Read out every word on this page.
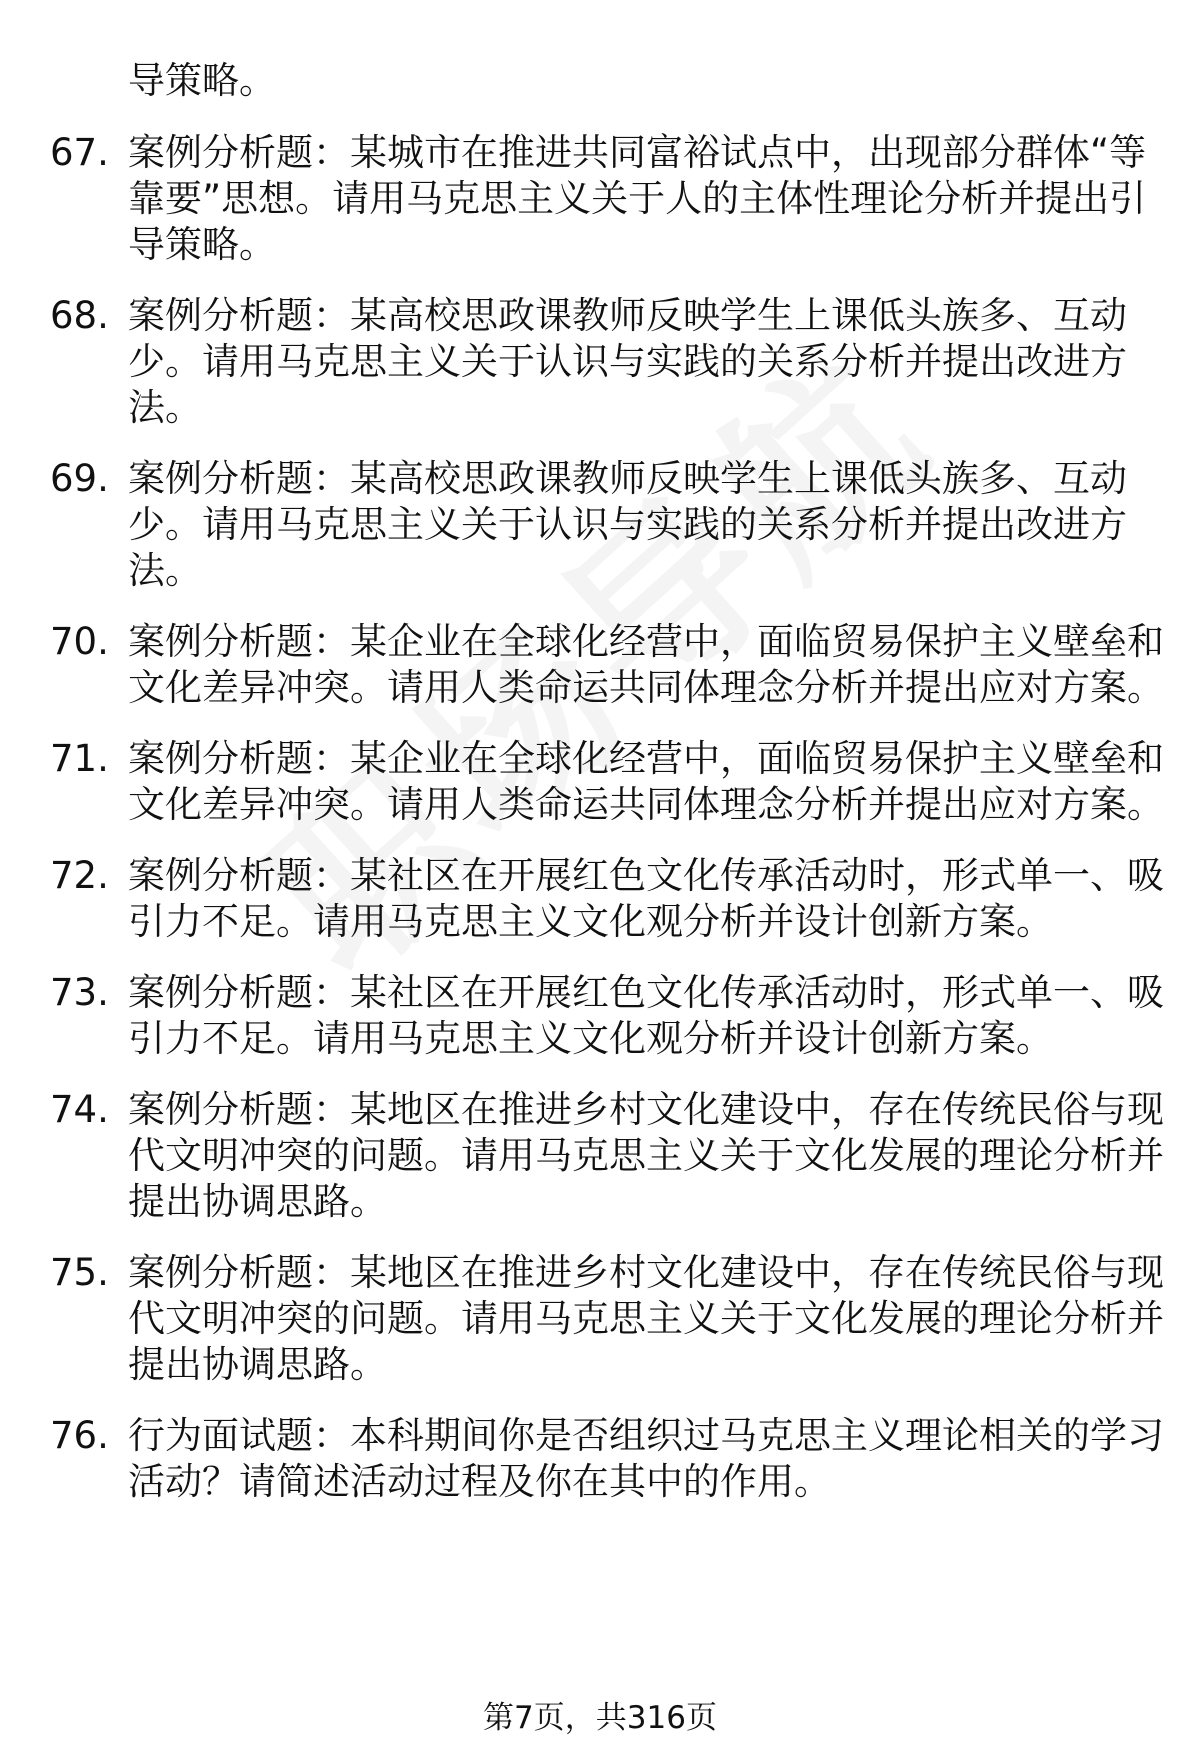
导策略。
67. 案例分析题：某城市在推进共同富裕试点中，出现部分群体“等
靠要”思想。请用马克思主义关于人的主体性理论分析并提出引
导策略。
68. 案例分析题：某高校思政课教师反映学生上课低头族多、互动
少。请用马克思主义关于认识与实践的关系分析并提出改进方
法。
69. 案例分析题：某高校思政课教师反映学生上课低头族多、互动
少。请用马克思主义关于认识与实践的关系分析并提出改进方
法。
70. 案例分析题：某企业在全球化经营中，面临贸易保护主义壁垒和
文化差异冲突。请用人类命运共同体理念分析并提出应对方案。
71. 案例分析题：某企业在全球化经营中，面临贸易保护主义壁垒和
文化差异冲突。请用人类命运共同体理念分析并提出应对方案。
72. 案例分析题：某社区在开展红色文化传承活动时，形式单一、吸
引力不足。请用马克思主义文化观分析并设计创新方案。
73. 案例分析题：某社区在开展红色文化传承活动时，形式单一、吸
引力不足。请用马克思主义文化观分析并设计创新方案。
74. 案例分析题：某地区在推进乡村文化建设中，存在传统民俗与现
代文明冲突的问题。请用马克思主义关于文化发展的理论分析并
提出协调思路。
75. 案例分析题：某地区在推进乡村文化建设中，存在传统民俗与现
代文明冲突的问题。请用马克思主义关于文化发展的理论分析并
提出协调思路。
76. 行为面试题：本科期间你是否组织过马克思主义理论相关的学习
活动？请简述活动过程及你在其中的作用。
第7页，共316页
